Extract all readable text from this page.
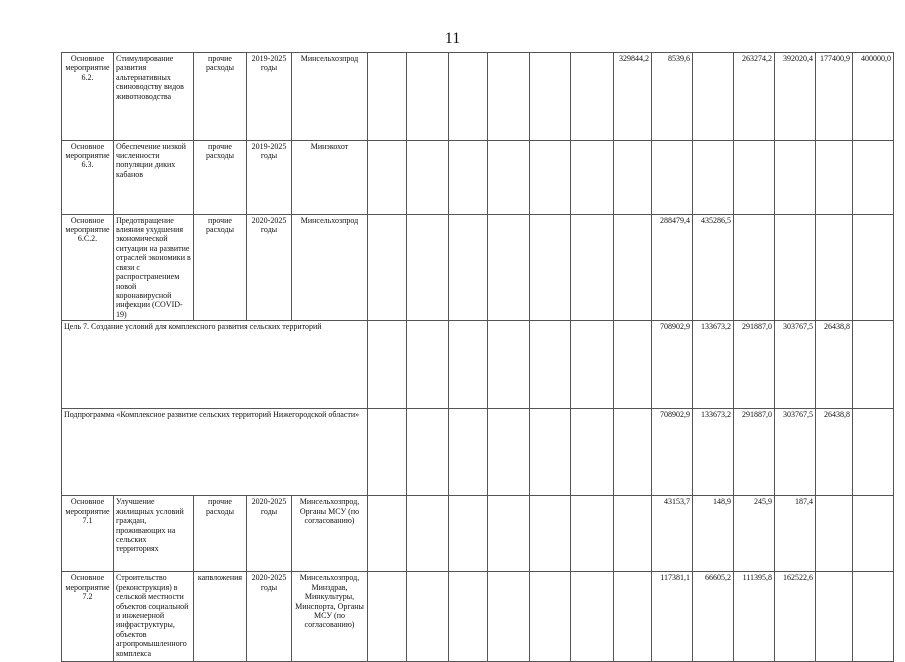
11
Основное мероприятие 6.2.	Стимулирование развития альтернативных свиноводству видов животноводства	прочие расходы	2019-2025 годы	Минсельхозпрод							329844,2	8539,6		263274,2	392020,4	177400,9	400000,0	
Основное мероприятие 6.3.	Обеспечение низкой численности популяции диких кабанов	прочие расходы	2019-2025 годы	Минэкохот														
Основное мероприятие 6.С.2.	Предотвращение влияния ухудшения экономической ситуации на развитие отраслей экономики в связи с распространением новой коронавирусной инфекции (COVID-19)	прочие расходы	2020-2025 годы	Минсельхозпрод								288479,4	435286,5					
Цель 7. Создание условий для комплексного развития сельских территорий												708902,9	133673,2	291887,0	303767,5	26438,8		
Подпрограмма «Комплексное развитие сельских территорий Нижегородской области»												708902,9	133673,2	291887,0	303767,5	26438,8		
Основное мероприятие 7.1	Улучшение жилищных условий граждан, проживающих на сельских территориях	прочие расходы	2020-2025 годы	Минсельхозпрод, Органы МСУ (по согласованию)								43153,7	148,9	245,9	187,4			
Основное мероприятие 7.2	Строительство (реконструкция) в сельской местности объектов социальной и инженерной инфраструктуры, объектов агропромышленного комплекса	капвложения	2020-2025 годы	Минсельхозпрод, Минздрав, Минкультуры, Минспорта, Органы МСУ (по согласованию)								117381,1	66605,2	111395,8	162522,6			
